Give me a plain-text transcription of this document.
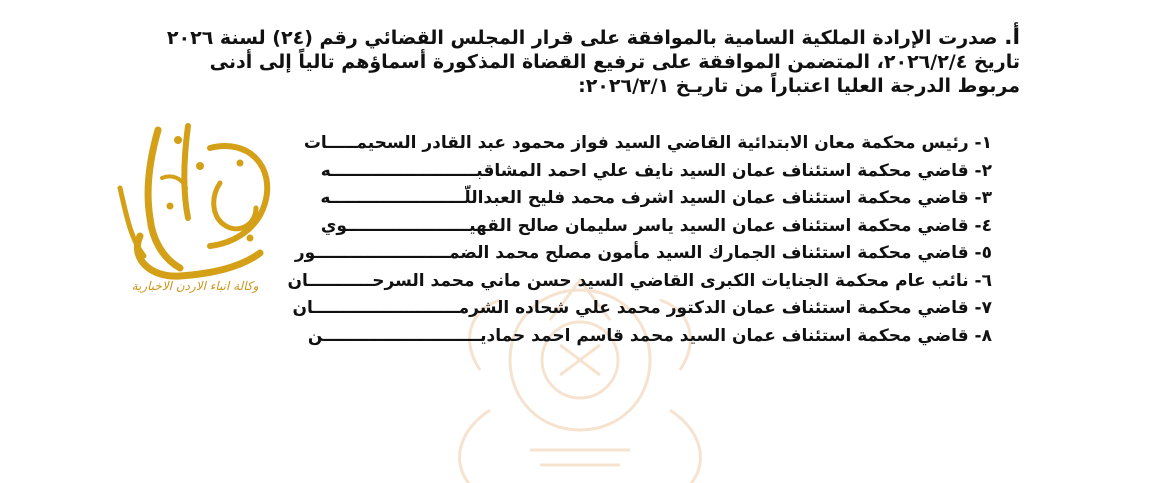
وكالة انباء الاردن الاخبارية

أ. صدرت الإرادة الملكية السامية بالموافقة على قرار المجلس القضائي رقم (٢٤) لسنة ٢٠٢٦
تاريخ ٢٠٢٦/٢/٤، المتضمن الموافقة على ترفيع القضاة المذكورة أسماؤهم تالياً إلى أدنى
مربوط الدرجة العليا اعتباراً من تاريـخ ٢٠٢٦/٣/١:

١- رئيس محكمة معان الابتدائية القاضي السيد فواز محمود عبد القادر السحيمـــــات
٢- قاضي محكمة استئناف عمان السيد نايف علي احمد المشاقبـــــــــــــــــــــــــه
٣- قاضي محكمة استئناف عمان السيد اشرف محمد فليح العبداللّـــــــــــــــــــــــه
٤- قاضي محكمة استئناف عمان السيد ياسر سليمان صالح القهيـــــــــــــــــــــوي
٥- قاضي محكمة استئناف الجمارك السيد مأمون مصلح محمد الضمـــــــــــــــــــــــور
٦- نائب عام محكمة الجنايات الكبرى القاضي السيد حسن ماني محمد السرحـــــــــــان
٧- قاضي محكمة استئناف عمان الدكتور محمد علي شحاده الشرمـــــــــــــــــــــــــان
٨- قاضي محكمة استئناف عمان السيد محمد قاسم احمد حماديـــــــــــــــــــــــــــن
